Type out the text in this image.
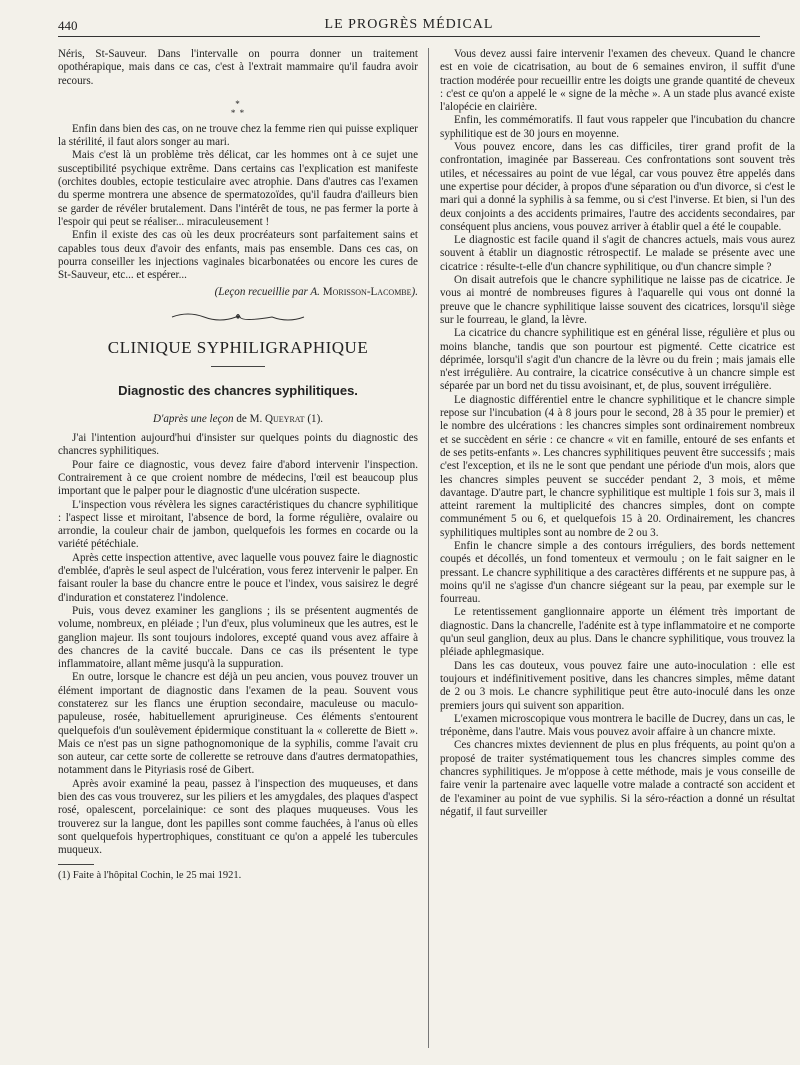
440	LE PROGRÈS MÉDICAL

Néris, St-Sauveur. Dans l'intervalle on pourra donner un traitement opothérapique, mais dans ce cas, c'est à l'extrait mammaire qu'il faudra avoir recours.

*
* *

Enfin dans bien des cas, on ne trouve chez la femme rien qui puisse expliquer la stérilité, il faut alors songer au mari.

Mais c'est là un problème très délicat, car les hommes ont à ce sujet une susceptibilité psychique extrême. Dans certains cas l'explication est manifeste (orchites doubles, ectopie testiculaire avec atrophie. Dans d'autres cas l'examen du sperme montrera une absence de spermatozoïdes, qu'il faudra d'ailleurs bien se garder de révéler brutalement. Dans l'intérêt de tous, ne pas fermer la porte à l'espoir qui peut se réaliser... miraculeusement !

Enfin il existe des cas où les deux procréateurs sont parfaitement sains et capables tous deux d'avoir des enfants, mais pas ensemble. Dans ces cas, on pourra conseiller les injections vaginales bicarbonatées ou encore les cures de St-Sauveur, etc... et espérer...

(Leçon recueillie par A. Morisson-Lacombe).
CLINIQUE SYPHILIGRAPHIQUE
Diagnostic des chancres syphilitiques.
D'après une leçon de M. Queyrat (1).

J'ai l'intention aujourd'hui d'insister sur quelques points du diagnostic des chancres syphilitiques.

Pour faire ce diagnostic, vous devez faire d'abord intervenir l'inspection. Contrairement à ce que croient nombre de médecins, l'œil est beaucoup plus important que le palper pour le diagnostic d'une ulcération suspecte.

L'inspection vous révèlera les signes caractéristiques du chancre syphilitique : l'aspect lisse et miroitant, l'absence de bord, la forme régulière, ovalaire ou arrondie, la couleur chair de jambon, quelquefois les formes en cocarde ou la variété pétéchiale.

Après cette inspection attentive, avec laquelle vous pouvez faire le diagnostic d'emblée, d'après le seul aspect de l'ulcération, vous ferez intervenir le palper. En faisant rouler la base du chancre entre le pouce et l'index, vous saisirez le degré d'induration et constaterez l'indolence.

Puis, vous devez examiner les ganglions ; ils se présentent augmentés de volume, nombreux, en pléiade ; l'un d'eux, plus volumineux que les autres, est le ganglion majeur. Ils sont toujours indolores, excepté quand vous avez affaire à des chancres de la cavité buccale. Dans ce cas ils présentent le type inflammatoire, allant même jusqu'à la suppuration.

En outre, lorsque le chancre est déjà un peu ancien, vous pouvez trouver un élément important de diagnostic dans l'examen de la peau. Souvent vous constaterez sur les flancs une éruption secondaire, maculeuse ou maculo-papuleuse, rosée, habituellement aprurigineuse. Ces éléments s'entourent quelquefois d'un soulèvement épidermique constituant la « collerette de Biett ». Mais ce n'est pas un signe pathognomonique de la syphilis, comme l'avait cru son auteur, car cette sorte de collerette se retrouve dans d'autres dermatopathies, notamment dans le Pityriasis rosé de Gibert.

Après avoir examiné la peau, passez à l'inspection des muqueuses, et dans bien des cas vous trouverez, sur les piliers et les amygdales, des plaques d'aspect rosé, opalescent, porcelainique: ce sont des plaques muqueuses. Vous les trouverez sur la langue, dont les papilles sont comme fauchées, à l'anus où elles sont quelquefois hypertrophiques, constituant ce qu'on a appelé les tubercules muqueux.

(1) Faite à l'hôpital Cochin, le 25 mai 1921.

Vous devez aussi faire intervenir l'examen des cheveux. Quand le chancre est en voie de cicatrisation, au bout de 6 semaines environ, il suffit d'une traction modérée pour recueillir entre les doigts une grande quantité de cheveux : c'est ce qu'on a appelé le « signe de la mèche ». A un stade plus avancé existe l'alopécie en clairière.

Enfin, les commémoratifs. Il faut vous rappeler que l'incubation du chancre syphilitique est de 30 jours en moyenne.

Vous pouvez encore, dans les cas difficiles, tirer grand profit de la confrontation, imaginée par Bassereau. Ces confrontations sont souvent très utiles, et nécessaires au point de vue légal, car vous pouvez être appelés dans une expertise pour décider, à propos d'une séparation ou d'un divorce, si c'est le mari qui a donné la syphilis à sa femme, ou si c'est l'inverse. Et bien, si l'un des deux conjoints a des accidents primaires, l'autre des accidents secondaires, par conséquent plus anciens, vous pouvez arriver à établir quel a été le coupable.

Le diagnostic est facile quand il s'agit de chancres actuels, mais vous aurez souvent à établir un diagnostic rétrospectif. Le malade se présente avec une cicatrice : résulte-t-elle d'un chancre syphilitique, ou d'un chancre simple ?

On disait autrefois que le chancre syphilitique ne laisse pas de cicatrice. Je vous ai montré de nombreuses figures à l'aquarelle qui vous ont donné la preuve que le chancre syphilitique laisse souvent des cicatrices, lorsqu'il siège sur le fourreau, le gland, la lèvre.

La cicatrice du chancre syphilitique est en général lisse, régulière et plus ou moins blanche, tandis que son pourtour est pigmenté. Cette cicatrice est déprimée, lorsqu'il s'agit d'un chancre de la lèvre ou du frein ; mais jamais elle n'est irrégulière. Au contraire, la cicatrice consécutive à un chancre simple est séparée par un bord net du tissu avoisinant, et, de plus, souvent irrégulière.

Le diagnostic différentiel entre le chancre syphilitique et le chancre simple repose sur l'incubation (4 à 8 jours pour le second, 28 à 35 pour le premier) et le nombre des ulcérations : les chancres simples sont ordinairement nombreux et se succèdent en série : ce chancre « vit en famille, entouré de ses enfants et de ses petits-enfants ». Les chancres syphilitiques peuvent être successifs ; mais c'est l'exception, et ils ne le sont que pendant une période d'un mois, alors que les chancres simples peuvent se succéder pendant 2, 3 mois, et même davantage. D'autre part, le chancre syphilitique est multiple 1 fois sur 3, mais il atteint rarement la multiplicité des chancres simples, dont on compte communément 5 ou 6, et quelquefois 15 à 20. Ordinairement, les chancres syphilitiques multiples sont au nombre de 2 ou 3.

Enfin le chancre simple a des contours irréguliers, des bords nettement coupés et décollés, un fond tomenteux et vermoulu ; on le fait saigner en le pressant. Le chancre syphilitique a des caractères différents et ne suppure pas, à moins qu'il ne s'agisse d'un chancre siégeant sur la peau, par exemple sur le fourreau.

Le retentissement ganglionnaire apporte un élément très important de diagnostic. Dans la chancrelle, l'adénite est à type inflammatoire et ne comporte qu'un seul ganglion, deux au plus. Dans le chancre syphilitique, vous trouvez la pléiade aphlegmasique.

Dans les cas douteux, vous pouvez faire une auto-inoculation : elle est toujours et indéfinitivement positive, dans les chancres simples, même datant de 2 ou 3 mois. Le chancre syphilitique peut être auto-inoculé dans les onze premiers jours qui suivent son apparition.

L'examen microscopique vous montrera le bacille de Ducrey, dans un cas, le tréponème, dans l'autre. Mais vous pouvez avoir affaire à un chancre mixte.

Ces chancres mixtes deviennent de plus en plus fréquents, au point qu'on a proposé de traiter systématiquement tous les chancres simples comme des chancres syphilitiques. Je m'oppose à cette méthode, mais je vous conseille de faire venir la partenaire avec laquelle votre malade a contracté son accident et de l'examiner au point de vue syphilis. Si la séro-réaction a donné un résultat négatif, il faut surveiller
